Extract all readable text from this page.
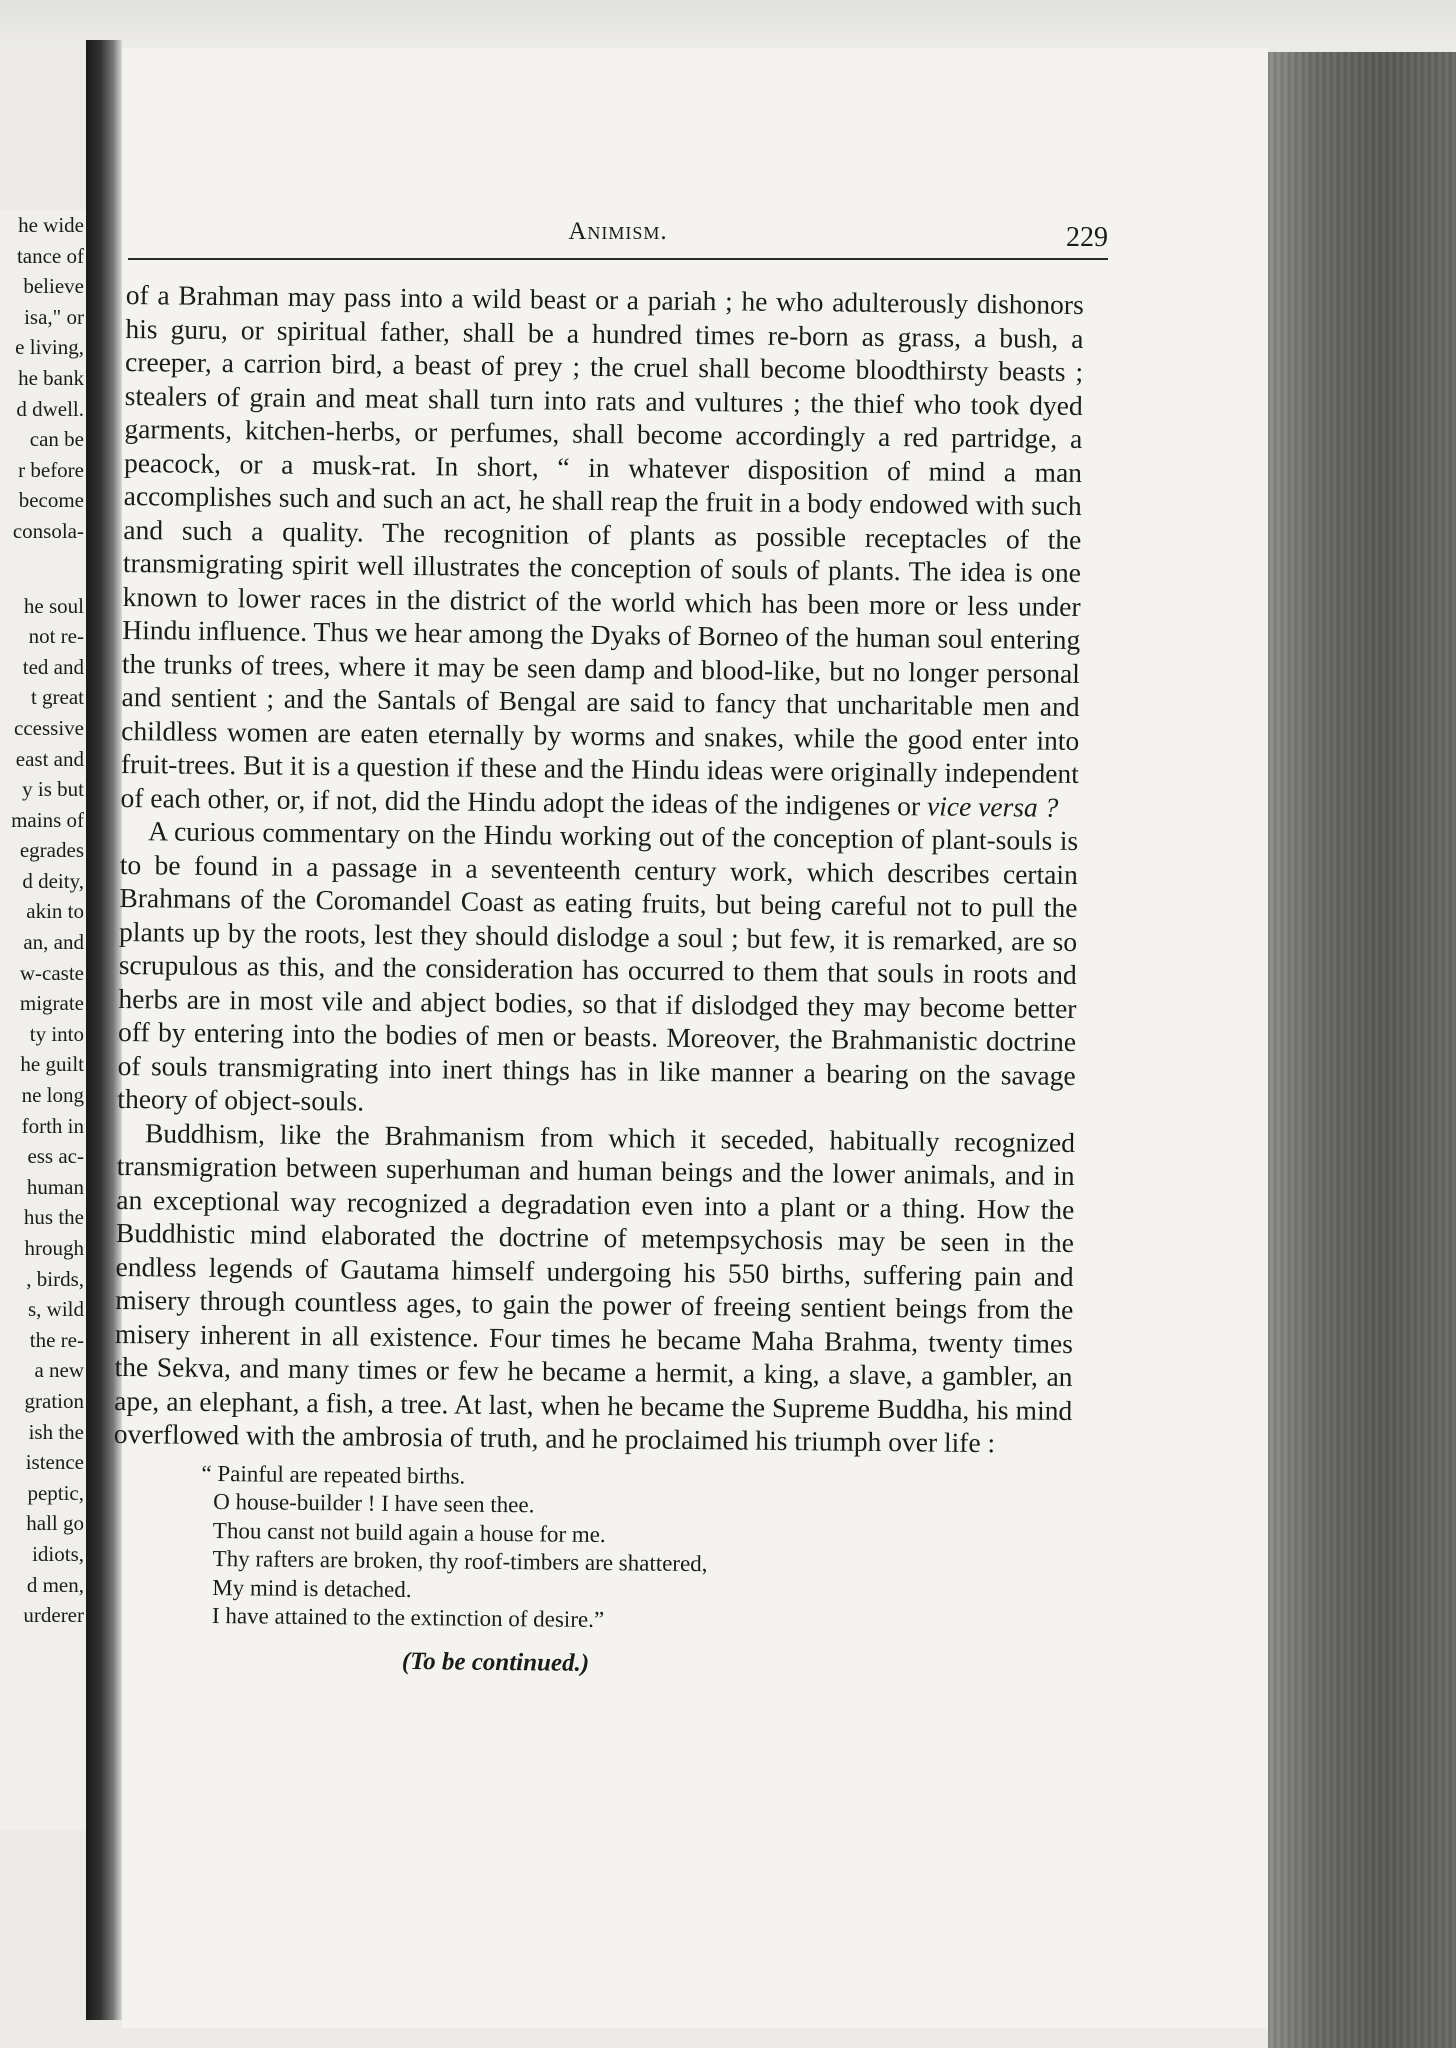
he wide
tance of
believe
isa," or
e living,
he bank
d dwell.
can be
r before
become
consola-
he soul
not re-
ted and
t great
ccessive
east and
y is but
mains of
egrades
d deity,
akin to
an, and
w-caste
migrate
ty into
he guilt
ne long
forth in
ess ac-
human
hus the
hrough
, birds,
s, wild
the re-
a new
gration
ish the
istence
peptic,
hall go
idiots,
d men,
urderer
Animism.	229

of a Brahman may pass into a wild beast or a pariah ; he who adulterously dishonors his guru, or spiritual father, shall be a hundred times re-born as grass, a bush, a creeper, a carrion bird, a beast of prey ; the cruel shall become bloodthirsty beasts ; stealers of grain and meat shall turn into rats and vultures ; the thief who took dyed garments, kitchen-herbs, or perfumes, shall become accordingly a red partridge, a peacock, or a musk-rat. In short, “ in whatever disposition of mind a man accomplishes such and such an act, he shall reap the fruit in a body endowed with such and such a quality. The recognition of plants as possible receptacles of the transmigrating spirit well illustrates the conception of souls of plants. The idea is one known to lower races in the district of the world which has been more or less under Hindu influence. Thus we hear among the Dyaks of Borneo of the human soul entering the trunks of trees, where it may be seen damp and blood-like, but no longer personal and sentient ; and the Santals of Bengal are said to fancy that uncharitable men and childless women are eaten eternally by worms and snakes, while the good enter into fruit-trees. But it is a question if these and the Hindu ideas were originally independent of each other, or, if not, did the Hindu adopt the ideas of the indigenes or vice versa ?

A curious commentary on the Hindu working out of the conception of plant-souls is to be found in a passage in a seventeenth century work, which describes certain Brahmans of the Coromandel Coast as eating fruits, but being careful not to pull the plants up by the roots, lest they should dislodge a soul ; but few, it is remarked, are so scrupulous as this, and the consideration has occurred to them that souls in roots and herbs are in most vile and abject bodies, so that if dislodged they may become better off by entering into the bodies of men or beasts. Moreover, the Brahmanistic doctrine of souls transmigrating into inert things has in like manner a bearing on the savage theory of object-souls.

Buddhism, like the Brahmanism from which it seceded, habitually recognized transmigration between superhuman and human beings and the lower animals, and in an exceptional way recognized a degradation even into a plant or a thing. How the Buddhistic mind elaborated the doctrine of metempsychosis may be seen in the endless legends of Gautama himself undergoing his 550 births, suffering pain and misery through countless ages, to gain the power of freeing sentient beings from the misery inherent in all existence. Four times he became Maha Brahma, twenty times the Sekva, and many times or few he became a hermit, a king, a slave, a gambler, an ape, an elephant, a fish, a tree. At last, when he became the Supreme Buddha, his mind overflowed with the ambrosia of truth, and he proclaimed his triumph over life :

“ Painful are repeated births.
O house-builder ! I have seen thee.
Thou canst not build again a house for me.
Thy rafters are broken, thy roof-timbers are shattered,
My mind is detached.
I have attained to the extinction of desire.”
(To be continued.)
